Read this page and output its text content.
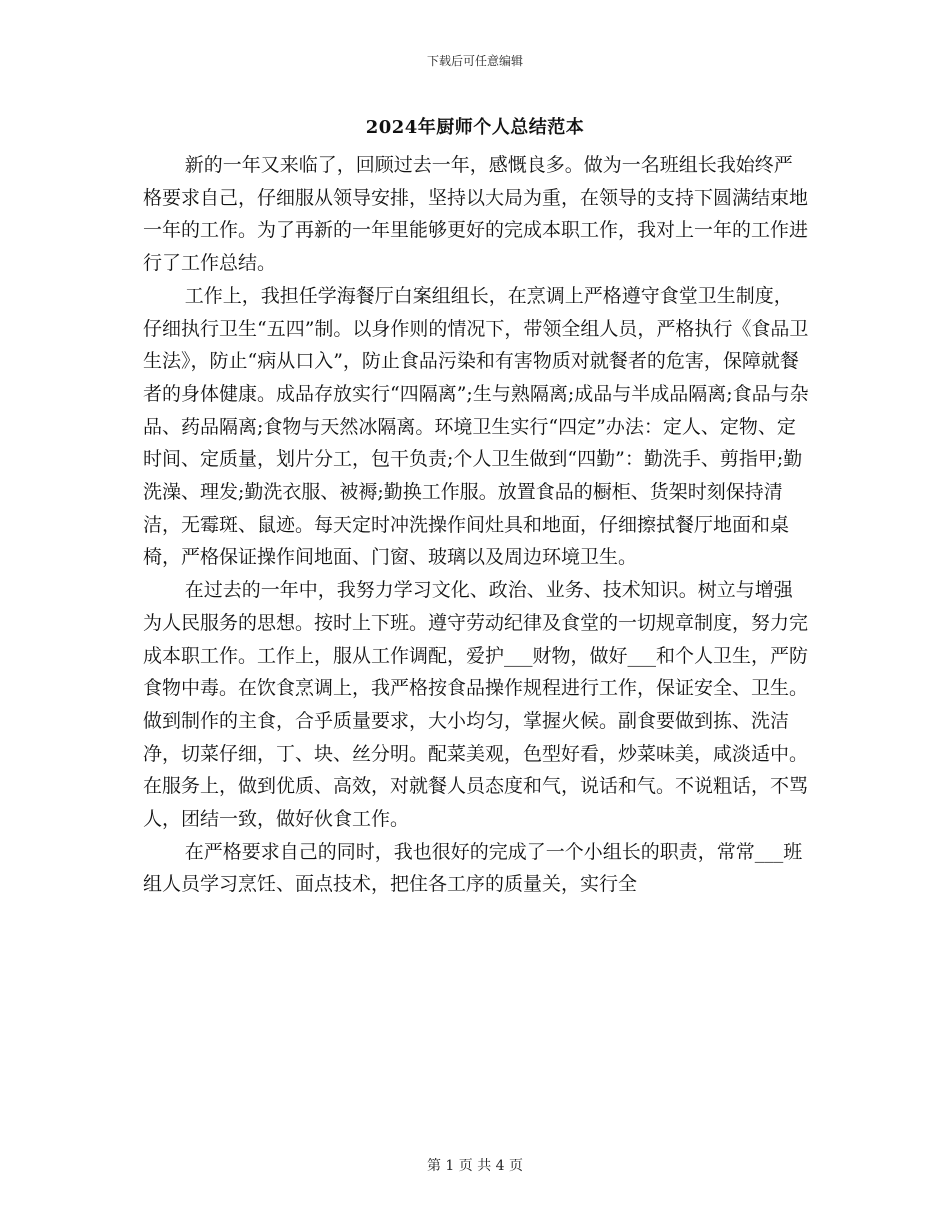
下载后可任意编辑
2024年厨师个人总结范本

新的一年又来临了，回顾过去一年，感慨良多。做为一名班组长我始终严格要求自己，仔细服从领导安排，坚持以大局为重，在领导的支持下圆满结束地一年的工作。为了再新的一年里能够更好的完成本职工作，我对上一年的工作进行了工作总结。

工作上，我担任学海餐厅白案组组长，在烹调上严格遵守食堂卫生制度，仔细执行卫生“五四”制。以身作则的情况下，带领全组人员，严格执行《食品卫生法》，防止“病从口入”，防止食品污染和有害物质对就餐者的危害，保障就餐者的身体健康。成品存放实行“四隔离”;生与熟隔离;成品与半成品隔离;食品与杂品、药品隔离;食物与天然冰隔离。环境卫生实行“四定”办法：定人、定物、定时间、定质量，划片分工，包干负责;个人卫生做到“四勤”：勤洗手、剪指甲;勤洗澡、理发;勤洗衣服、被褥;勤换工作服。放置食品的橱柜、货架时刻保持清洁，无霉斑、鼠迹。每天定时冲洗操作间灶具和地面，仔细擦拭餐厅地面和桌椅，严格保证操作间地面、门窗、玻璃以及周边环境卫生。

在过去的一年中，我努力学习文化、政治、业务、技术知识。树立与增强为人民服务的思想。按时上下班。遵守劳动纪律及食堂的一切规章制度，努力完成本职工作。工作上，服从工作调配，爱护___财物，做好___和个人卫生，严防食物中毒。在饮食烹调上，我严格按食品操作规程进行工作，保证安全、卫生。做到制作的主食，合乎质量要求，大小均匀，掌握火候。副食要做到拣、洗洁净，切菜仔细，丁、块、丝分明。配菜美观，色型好看，炒菜味美，咸淡适中。在服务上，做到优质、高效，对就餐人员态度和气，说话和气。不说粗话，不骂人，团结一致，做好伙食工作。

在严格要求自己的同时，我也很好的完成了一个小组长的职责，常常___班组人员学习烹饪、面点技术，把住各工序的质量关，实行全

第 1 页 共 4 页
